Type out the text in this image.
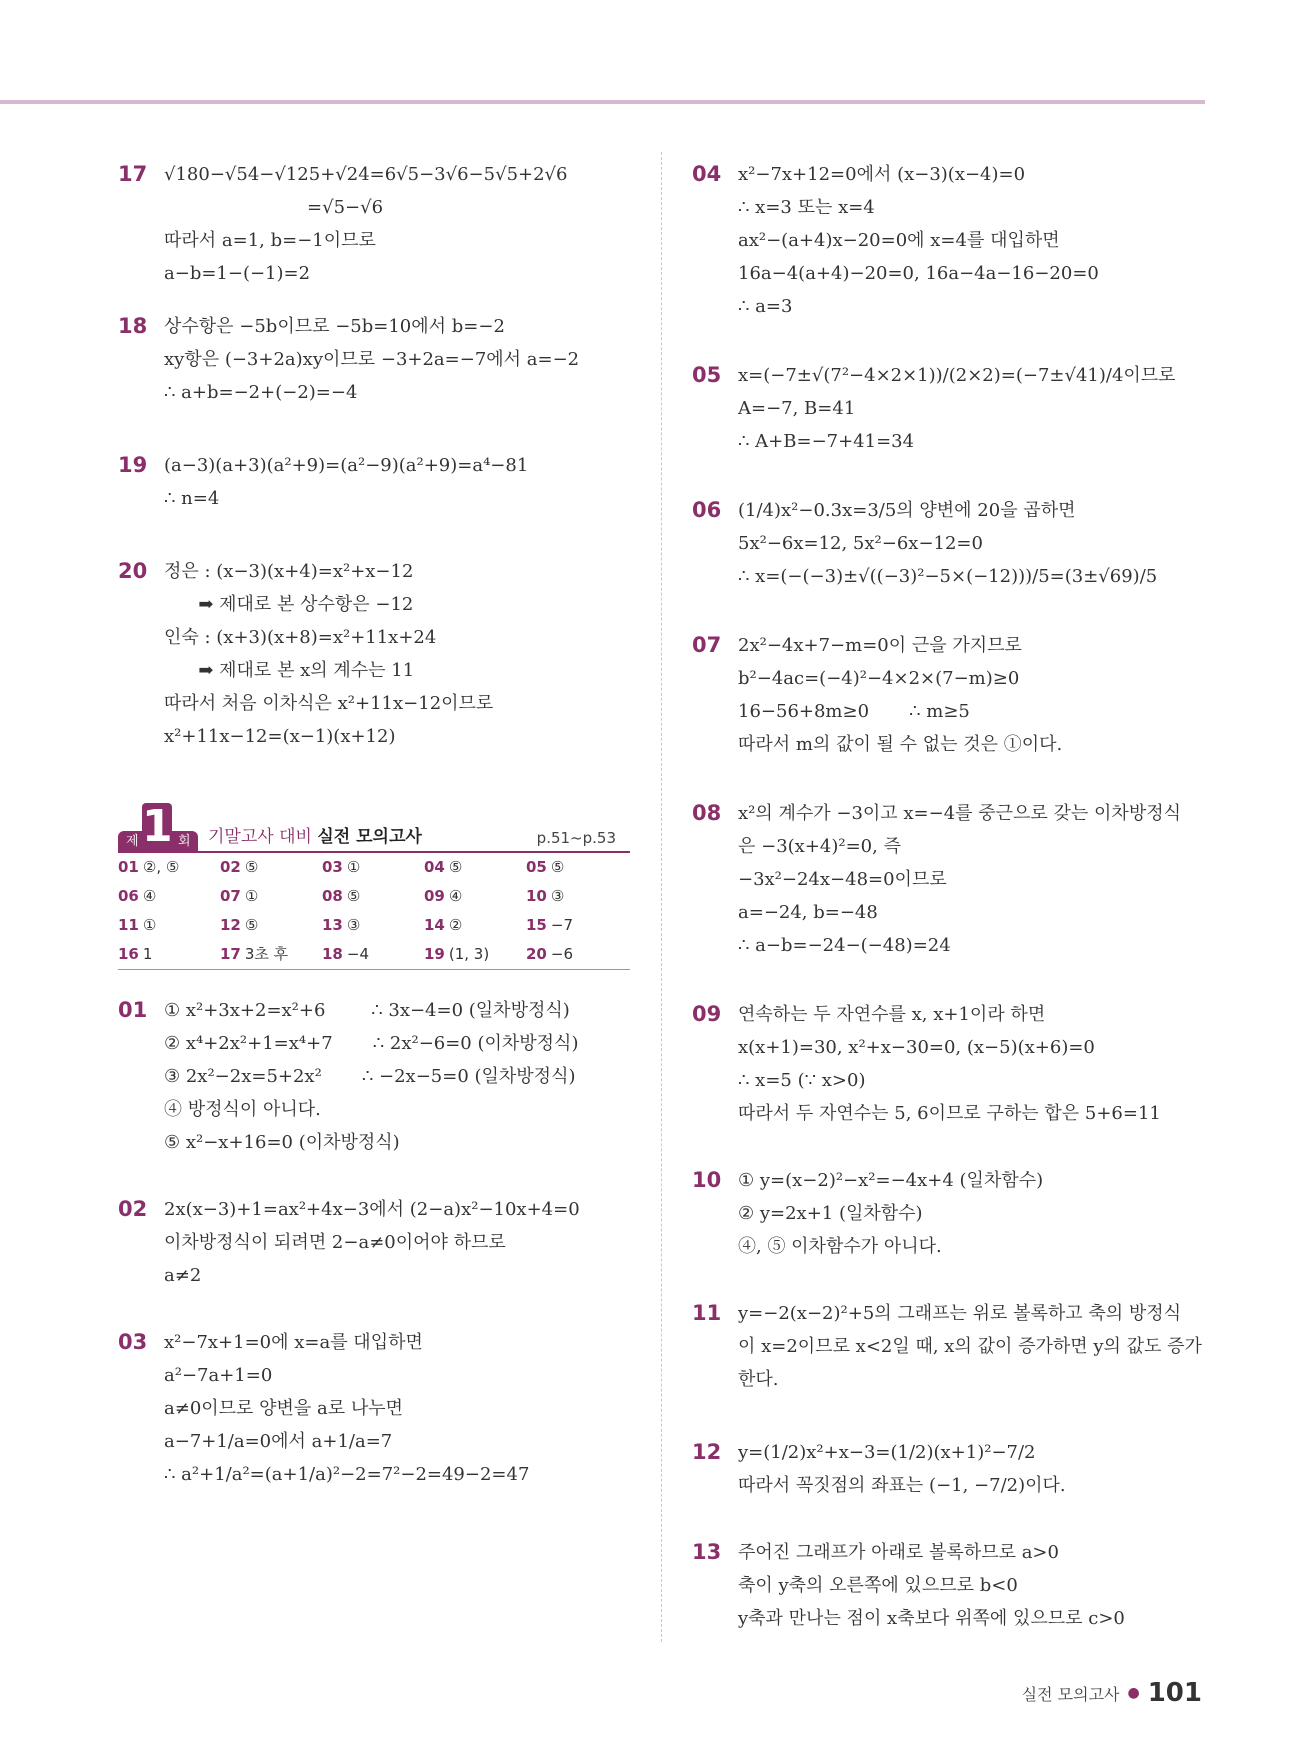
17 √180−√54−√125+√24=6√5−3√6−5√5+2√6
=√5−√6
따라서 a=1, b=−1이므로
a−b=1−(−1)=2
18 상수항은 −5b이므로 −5b=10에서 b=−2
xy항은 (−3+2a)xy이므로 −3+2a=−7에서 a=−2
∴ a+b=−2+(−2)=−4
19 (a−3)(a+3)(a²+9)=(a²−9)(a²+9)=a⁴−81
∴ n=4
20 정은 : (x−3)(x+4)=x²+x−12
➡ 제대로 본 상수항은 −12
인숙 : (x+3)(x+8)=x²+11x+24
➡ 제대로 본 x의 계수는 11
따라서 처음 이차식은 x²+11x−12이므로
x²+11x−12=(x−1)(x+12)
1
제	회	기말고사 대비 실전 모의고사	p.51~p.53
01 ②, ⑤	02 ⑤	03 ①	04 ⑤	05 ⑤
06 ④	07 ①	08 ⑤	09 ④	10 ③
11 ①	12 ⑤	13 ③	14 ②	15 −7
16 1	17 3초 후	18 −4	19 (1, 3)	20 −6
01 ① x²+3x+2=x²+6        ∴ 3x−4=0 (일차방정식)
② x⁴+2x²+1=x⁴+7       ∴ 2x²−6=0 (이차방정식)
③ 2x²−2x=5+2x²       ∴ −2x−5=0 (일차방정식)
④ 방정식이 아니다.
⑤ x²−x+16=0 (이차방정식)
02 2x(x−3)+1=ax²+4x−3에서 (2−a)x²−10x+4=0
이차방정식이 되려면 2−a≠0이어야 하므로
a≠2
03 x²−7x+1=0에 x=a를 대입하면
a²−7a+1=0
a≠0이므로 양변을 a로 나누면
a−7+1/a=0에서 a+1/a=7
∴ a²+1/a²=(a+1/a)²−2=7²−2=49−2=47
04 x²−7x+12=0에서 (x−3)(x−4)=0
∴ x=3 또는 x=4
ax²−(a+4)x−20=0에 x=4를 대입하면
16a−4(a+4)−20=0, 16a−4a−16−20=0
∴ a=3
05 x=(−7±√(7²−4×2×1))/(2×2)=(−7±√41)/4이므로
A=−7, B=41
∴ A+B=−7+41=34
06 (1/4)x²−0.3x=3/5의 양변에 20을 곱하면
5x²−6x=12, 5x²−6x−12=0
∴ x=(−(−3)±√((−3)²−5×(−12)))/5=(3±√69)/5
07 2x²−4x+7−m=0이 근을 가지므로
b²−4ac=(−4)²−4×2×(7−m)≥0
16−56+8m≥0       ∴ m≥5
따라서 m의 값이 될 수 없는 것은 ①이다.
08 x²의 계수가 −3이고 x=−4를 중근으로 갖는 이차방정식
은 −3(x+4)²=0, 즉
−3x²−24x−48=0이므로
a=−24, b=−48
∴ a−b=−24−(−48)=24
09 연속하는 두 자연수를 x, x+1이라 하면
x(x+1)=30, x²+x−30=0, (x−5)(x+6)=0
∴ x=5 (∵ x>0)
따라서 두 자연수는 5, 6이므로 구하는 합은 5+6=11
10 ① y=(x−2)²−x²=−4x+4 (일차함수)
② y=2x+1 (일차함수)
④, ⑤ 이차함수가 아니다.
11 y=−2(x−2)²+5의 그래프는 위로 볼록하고 축의 방정식
이 x=2이므로 x<2일 때, x의 값이 증가하면 y의 값도 증가
한다.
12 y=(1/2)x²+x−3=(1/2)(x+1)²−7/2
따라서 꼭짓점의 좌표는 (−1, −7/2)이다.
13 주어진 그래프가 아래로 볼록하므로 a>0
축이 y축의 오른쪽에 있으므로 b<0
y축과 만나는 점이 x축보다 위쪽에 있으므로 c>0
실전 모의고사 ● 101
